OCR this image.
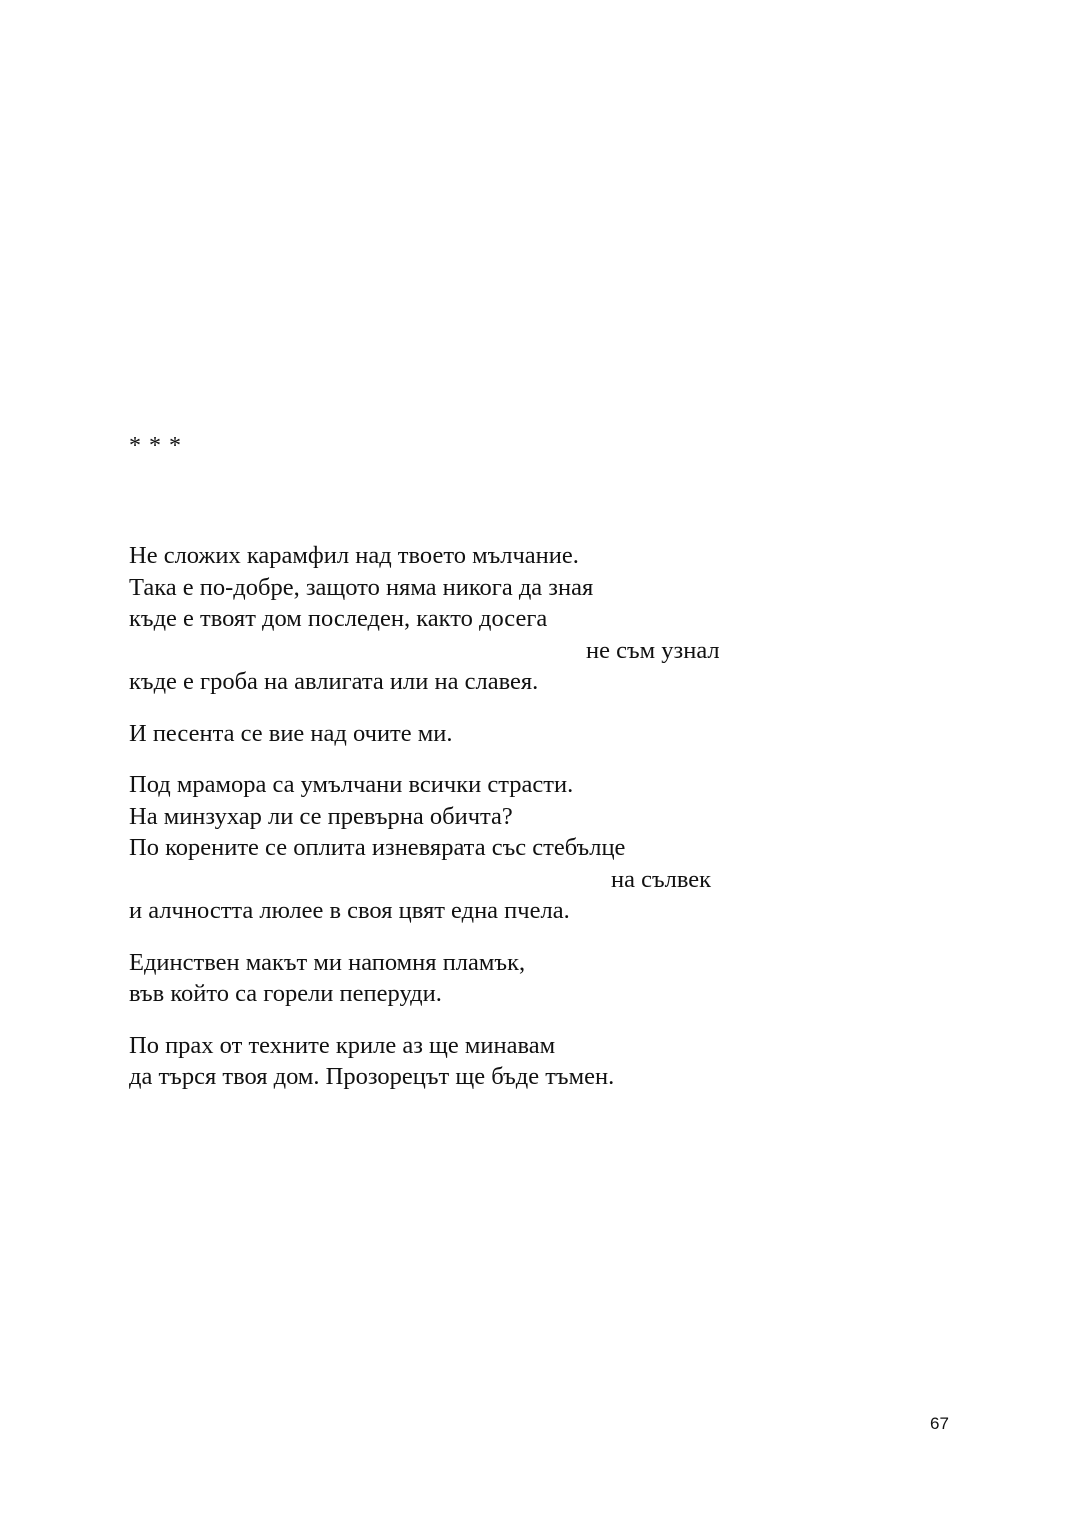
* * *
Не сложих карамфил над твоето мълчание.
Така е по-добре, защото няма никога да зная
къде е твоят дом последен, както досега
не съм узнал
къде е гроба на авлигата или на славея.
И песента се вие над очите ми.
Под мрамора са умълчани всички страсти.
На минзухар ли се превърна обичта?
По корените се оплита изневярата със стебълце
на сълвек
и алчността люлее в своя цвят една пчела.
Единствен макът ми напомня пламък,
във който са горели пеперуди.
По прах от техните криле аз ще минавам
да търся твоя дом. Прозорецът ще бъде тъмен.
67
